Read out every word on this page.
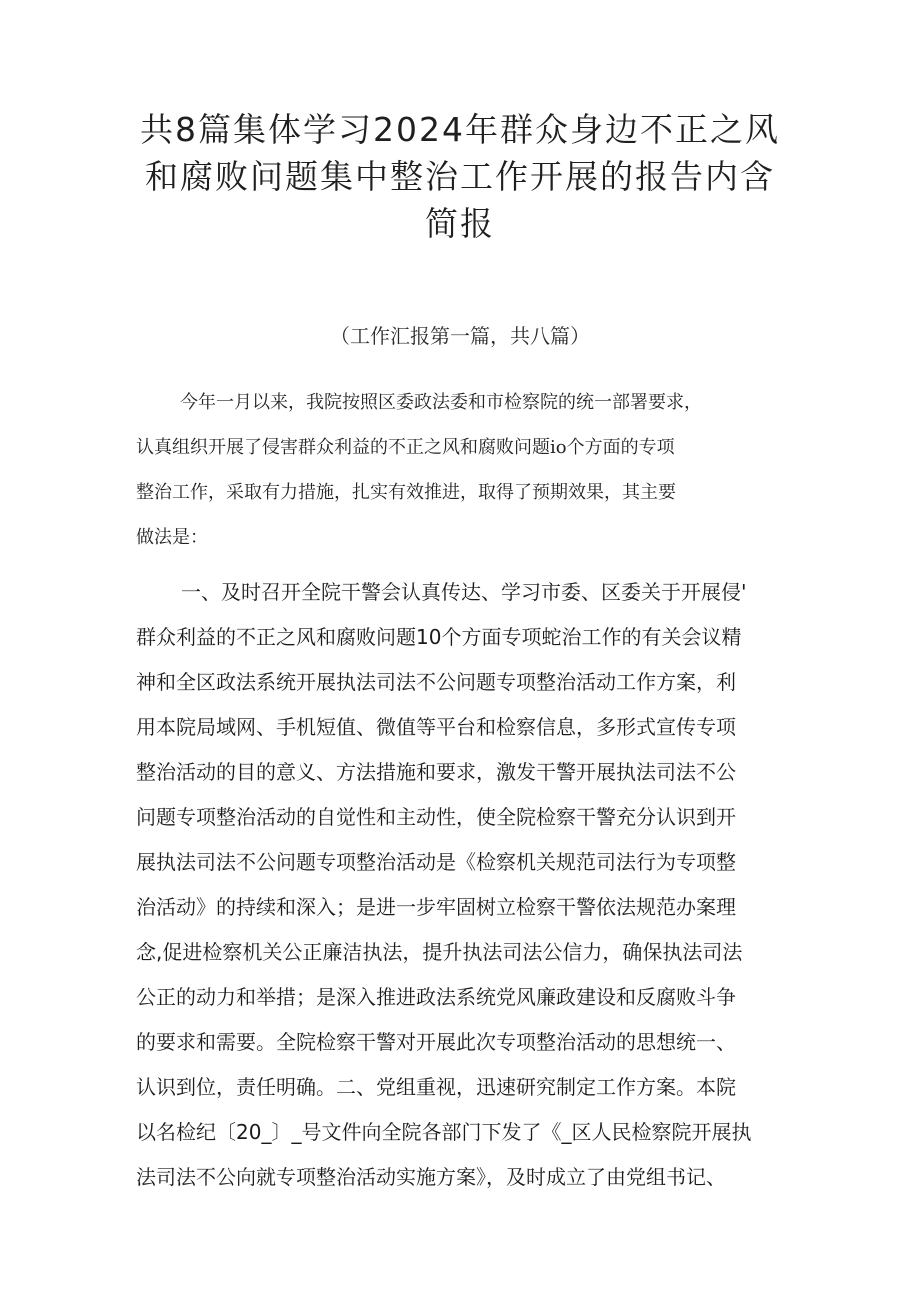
共8篇集体学习2024年群众身边不正之风
和腐败问题集中整治工作开展的报告内含
简报
（工作汇报第一篇，共八篇）
今年一月以来，我院按照区委政法委和市检察院的统一部署要求，
认真组织开展了侵害群众利益的不正之风和腐败问题io个方面的专项
整治工作，采取有力措施，扎实有效推进，取得了预期效果，其主要
做法是：
一、及时召开全院干警会认真传达、学习市委、区委关于开展侵'
群众利益的不正之风和腐败问题10个方面专项蛇治工作的有关会议精
神和全区政法系统开展执法司法不公问题专项整治活动工作方案，利
用本院局域网、手机短值、微值等平台和检察信息，多形式宣传专项
整治活动的目的意义、方法措施和要求，激发干警开展执法司法不公
问题专项整治活动的自觉性和主动性，使全院检察干警充分认识到开
展执法司法不公问题专项整治活动是《检察机关规范司法行为专项整
治活动》的持续和深入；是进一步牢固树立检察干警依法规范办案理
念,促进检察机关公正廉洁执法，提升执法司法公信力，确保执法司法
公正的动力和举措；是深入推进政法系统党风廉政建设和反腐败斗争
的要求和需要。全院检察干警对开展此次专项整治活动的思想统一、
认识到位，责任明确。二、党组重视，迅速研究制定工作方案。本院
以名检纪〔20_〕_号文件向全院各部门下发了《_区人民检察院开展执
法司法不公向就专项整治活动实施方案》，及时成立了由党组书记、
